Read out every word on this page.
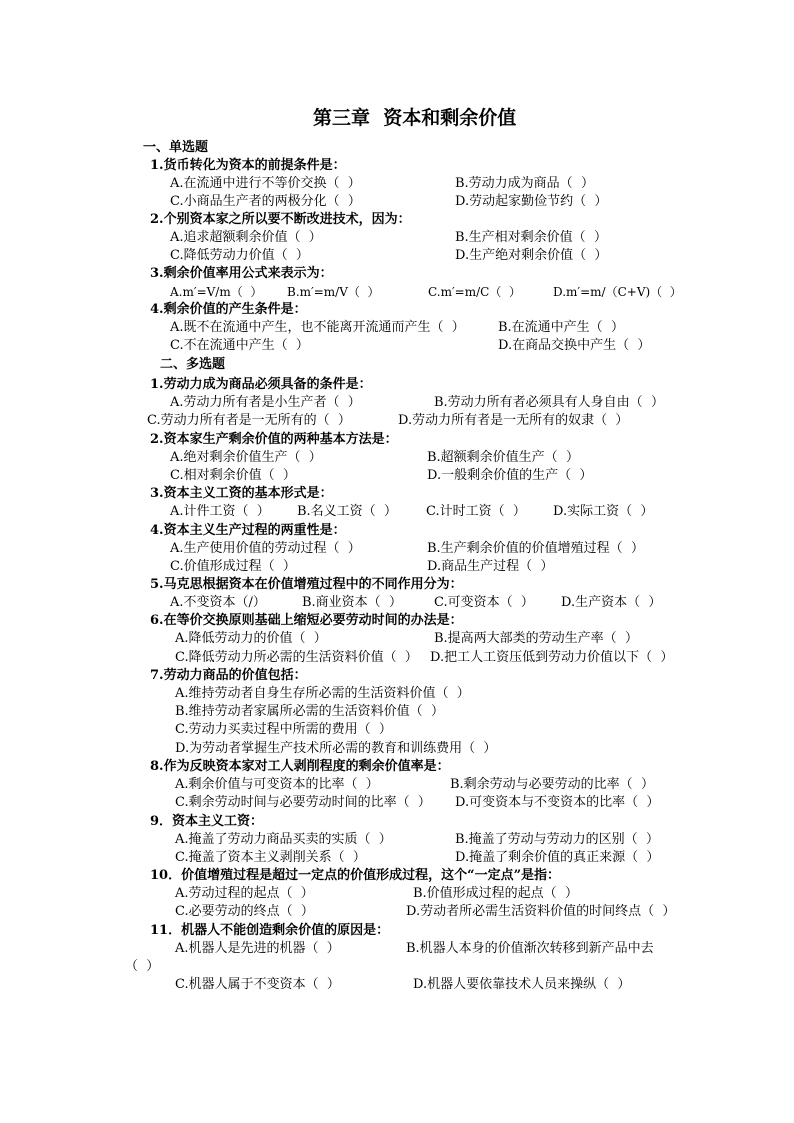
第三章  资本和剩余价值
一、单选题
1.货币转化为资本的前提条件是：
A.在流通中进行不等价交换（  ）	B.劳动力成为商品（  ）
C.小商品生产者的两极分化（  ）	D.劳动起家勤俭节约（  ）
2.个别资本家之所以要不断改进技术，因为：
A.追求超额剩余价值（  ）	B.生产相对剩余价值（  ）
C.降低劳动力价值（  ）	D.生产绝对剩余价值（  ）
3.剩余价值率用公式来表示为：
A.m′=V/m（  ） B.m′=m/V（  ）	C.m′=m/C（  ）	D.m′=m/（C+V)（  ）
4.剩余价值的产生条件是：
A.既不在流通中产生，也不能离开流通而产生（  ）	B.在流通中产生（  ）
C.不在流通中产生（  ）	D.在商品交换中产生（  ）
二、多选题
1.劳动力成为商品必须具备的条件是：
A.劳动力所有者是小生产者（  ）	B.劳动力所有者必须具有人身自由（  ）
C.劳动力所有者是一无所有的（  ）	D.劳动力所有者是一无所有的奴隶（  ）
2.资本家生产剩余价值的两种基本方法是：
A.绝对剩余价值生产（  ）	B.超额剩余价值生产（  ）
C.相对剩余价值（  ）	D.一般剩余价值的生产（  ）
3.资本主义工资的基本形式是：
A.计件工资（  ） B.名义工资（  ） C.计时工资（  ） D.实际工资（  ）
4.资本主义生产过程的两重性是：
A.生产使用价值的劳动过程（  ）	B.生产剩余价值的价值增殖过程（  ）
C.价值形成过程（  ）	D.商品生产过程（  ）
5.马克思根据资本在价值增殖过程中的不同作用分为：
A.不变资本（/）	B.商业资本（  ） C.可变资本（  ） D.生产资本（  ）
6.在等价交换原则基础上缩短必要劳动时间的办法是：
A.降低劳动力的价值（  ）	B.提高两大部类的劳动生产率（  ）
C.降低劳动力所必需的生活资料价值（  ） D.把工人工资压低到劳动力价值以下（  ）
7.劳动力商品的价值包括：
A.维持劳动者自身生存所必需的生活资料价值（  ）
B.维持劳动者家属所必需的生活资料价值（  ）
C.劳动力买卖过程中所需的费用（  ）
D.为劳动者掌握生产技术所必需的教育和训练费用（  ）
8.作为反映资本家对工人剥削程度的剩余价值率是：
A.剩余价值与可变资本的比率（  ）	B.剩余劳动与必要劳动的比率（  ）
C.剩余劳动时间与必要劳动时间的比率（  ） D.可变资本与不变资本的比率（  ）
9．资本主义工资：
A.掩盖了劳动力商品买卖的实质（  ）	B.掩盖了劳动与劳动力的区别（  ）
C.掩盖了资本主义剥削关系（  ）	D.掩盖了剩余价值的真正来源（  ）
10．价值增殖过程是超过一定点的价值形成过程，这个“一定点”是指：
A.劳动过程的起点（  ）	B.价值形成过程的起点（  ）
C.必要劳动的终点（  ）	D.劳动者所必需生活资料价值的时间终点（  ）
11．机器人不能创造剩余价值的原因是：
A.机器人是先进的机器（  ）	B.机器人本身的价值渐次转移到新产品中去
（  ）
C.机器人属于不变资本（  ）	D.机器人要依靠技术人员来操纵（  ）
